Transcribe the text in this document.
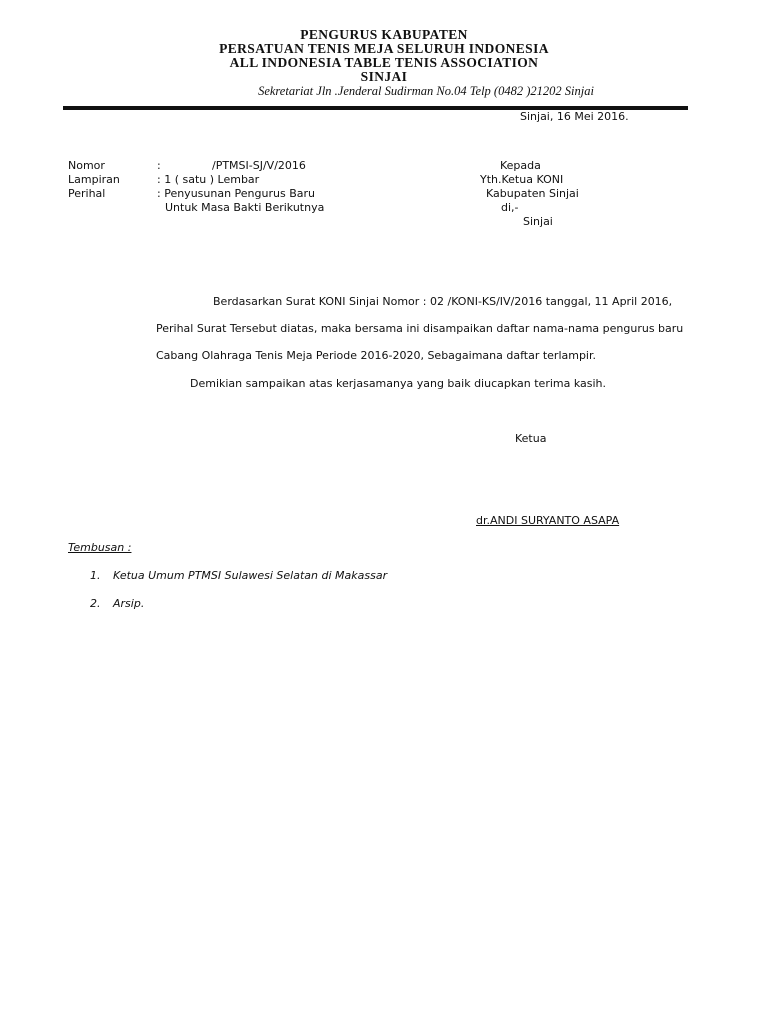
PENGURUS KABUPATEN
PERSATUAN TENIS MEJA SELURUH INDONESIA
ALL INDONESIA TABLE TENIS ASSOCIATION
SINJAI
Sekretariat Jln .Jenderal Sudirman No.04 Telp (0482 )21202 Sinjai
Sinjai, 16 Mei 2016.
Nomor	:	/PTMSI-SJ/V/2016
Lampiran	: 1 ( satu ) Lembar
Perihal	: Penyusunan Pengurus Baru
Untuk Masa Bakti Berikutnya
Kepada
Yth.Ketua KONI
Kabupaten Sinjai
di,-
Sinjai
Berdasarkan Surat KONI Sinjai Nomor : 02 /KONI-KS/IV/2016 tanggal, 11 April 2016,
Perihal Surat Tersebut diatas, maka bersama ini disampaikan daftar nama-nama pengurus baru
Cabang Olahraga Tenis Meja Periode 2016-2020, Sebagaimana daftar terlampir.
Demikian sampaikan atas kerjasamanya yang baik diucapkan terima kasih.
Ketua
dr.ANDI SURYANTO ASAPA
Tembusan :
1. Ketua Umum PTMSI Sulawesi Selatan di Makassar
2. Arsip.
